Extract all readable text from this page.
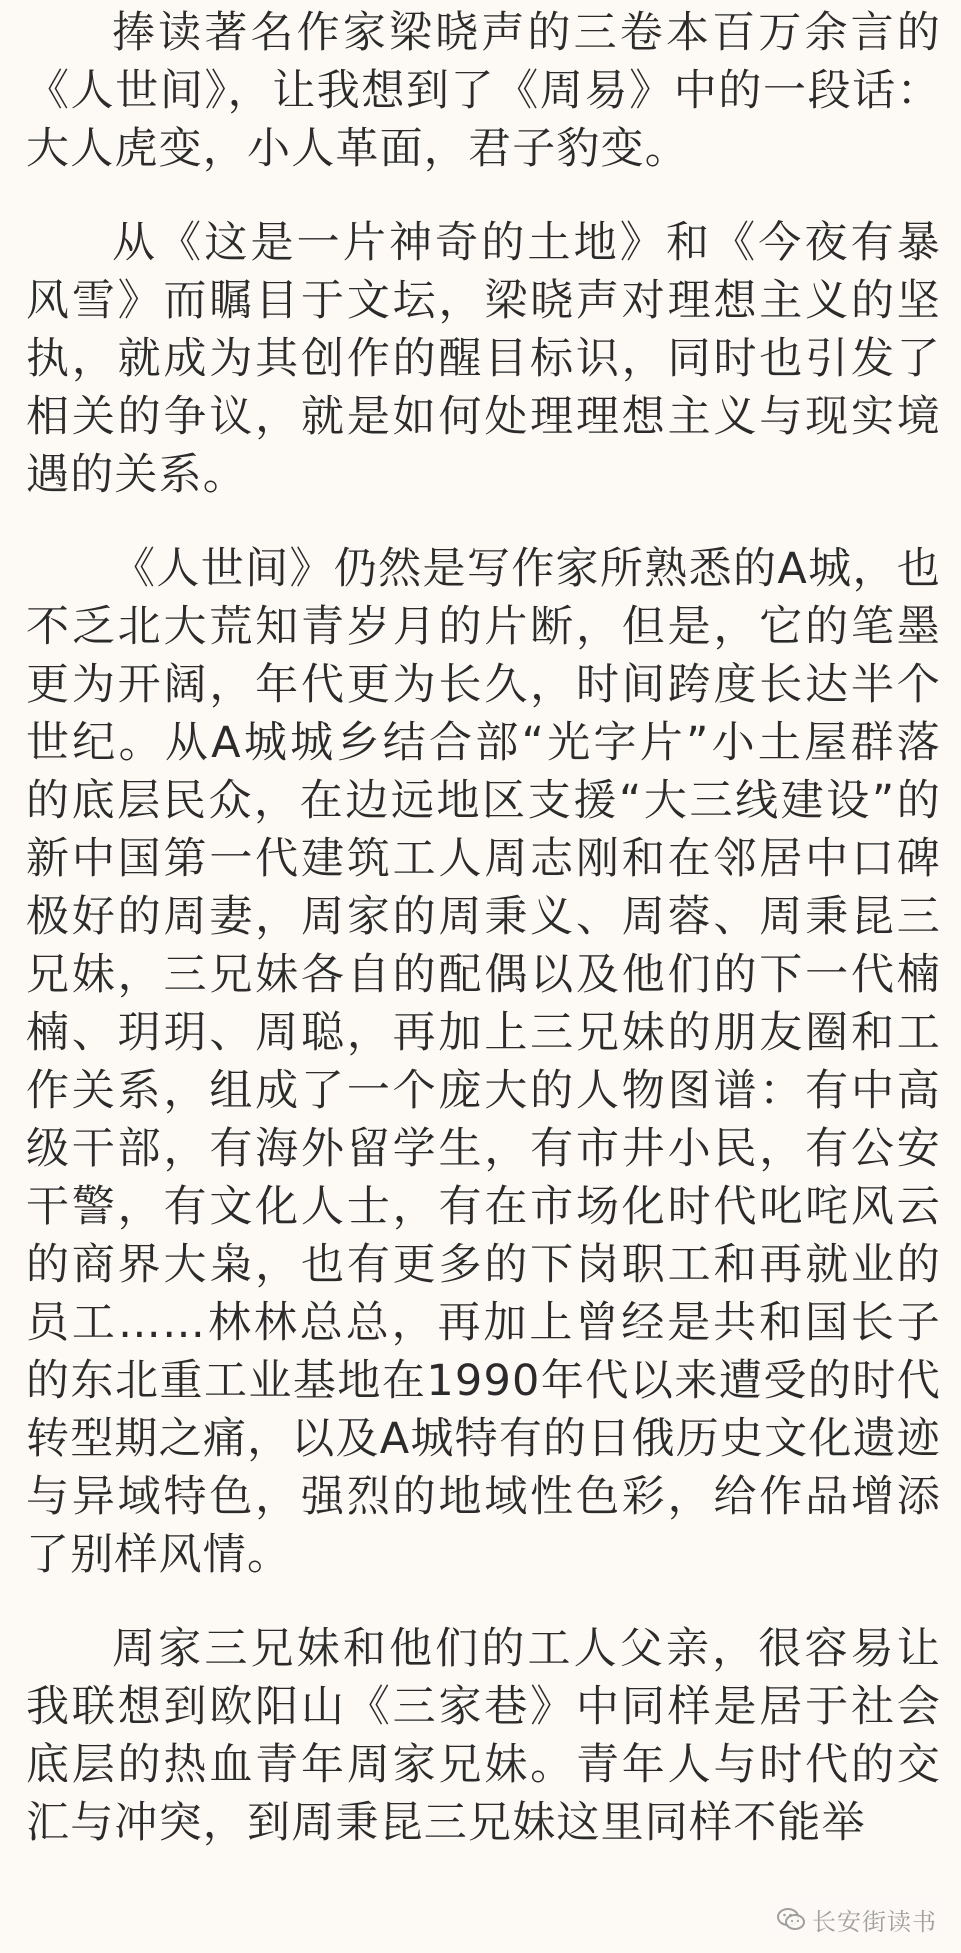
捧读著名作家梁晓声的三卷本百万余言的《人世间》，让我想到了《周易》中的一段话：大人虎变，小人革面，君子豹变。

从《这是一片神奇的土地》和《今夜有暴风雪》而瞩目于文坛，梁晓声对理想主义的坚执，就成为其创作的醒目标识，同时也引发了相关的争议，就是如何处理理想主义与现实境遇的关系。

《人世间》仍然是写作家所熟悉的A城，也不乏北大荒知青岁月的片断，但是，它的笔墨更为开阔，年代更为长久，时间跨度长达半个世纪。从A城城乡结合部“光字片”小土屋群落的底层民众，在边远地区支援“大三线建设”的新中国第一代建筑工人周志刚和在邻居中口碑极好的周妻，周家的周秉义、周蓉、周秉昆三兄妹，三兄妹各自的配偶以及他们的下一代楠楠、玥玥、周聪，再加上三兄妹的朋友圈和工作关系，组成了一个庞大的人物图谱：有中高级干部，有海外留学生，有市井小民，有公安干警，有文化人士，有在市场化时代叱咤风云的商界大枭，也有更多的下岗职工和再就业的员工……林林总总，再加上曾经是共和国长子的东北重工业基地在1990年代以来遭受的时代转型期之痛，以及A城特有的日俄历史文化遗迹与异域特色，强烈的地域性色彩，给作品增添了别样风情。

周家三兄妹和他们的工人父亲，很容易让我联想到欧阳山《三家巷》中同样是居于社会底层的热血青年周家兄妹。青年人与时代的交汇与冲突，到周秉昆三兄妹这里同样不能举

长安街读书
